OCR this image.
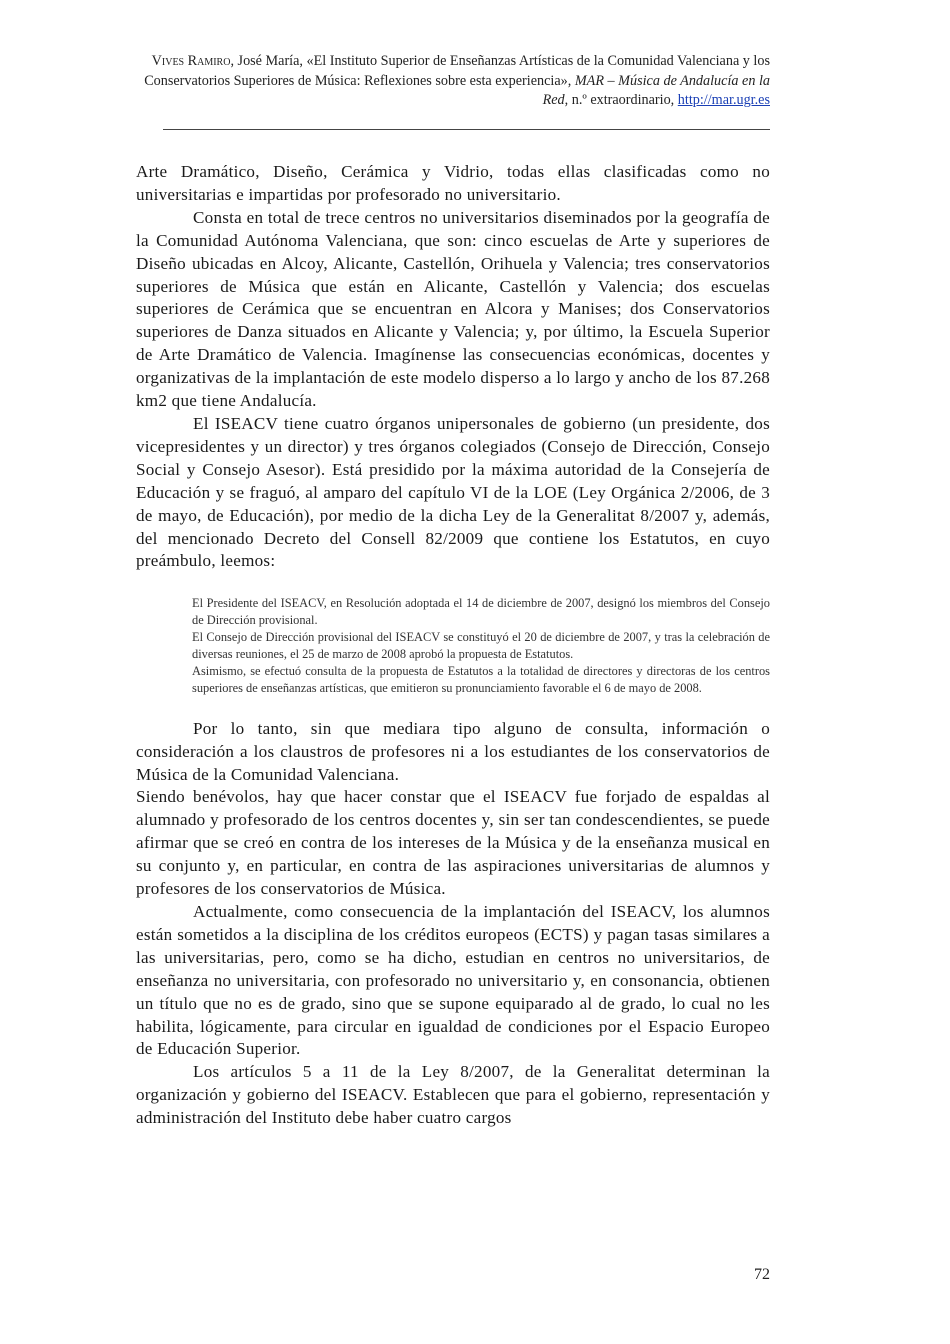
Vives Ramiro, José María, «El Instituto Superior de Enseñanzas Artísticas de la Comunidad Valenciana y los Conservatorios Superiores de Música: Reflexiones sobre esta experiencia», MAR – Música de Andalucía en la Red, n.º extraordinario, http://mar.ugr.es

Arte Dramático, Diseño, Cerámica y Vidrio, todas ellas clasificadas como no universitarias e impartidas por profesorado no universitario.

Consta en total de trece centros no universitarios diseminados por la geografía de la Comunidad Autónoma Valenciana, que son: cinco escuelas de Arte y superiores de Diseño ubicadas en Alcoy, Alicante, Castellón, Orihuela y Valencia; tres conservatorios superiores de Música que están en Alicante, Castellón y Valencia; dos escuelas superiores de Cerámica que se encuentran en Alcora y Manises; dos Conservatorios superiores de Danza situados en Alicante y Valencia; y, por último, la Escuela Superior de Arte Dramático de Valencia. Imagínense las consecuencias económicas, docentes y organizativas de la implantación de este modelo disperso a lo largo y ancho de los 87.268 km2 que tiene Andalucía.

El ISEACV tiene cuatro órganos unipersonales de gobierno (un presidente, dos vicepresidentes y un director) y tres órganos colegiados (Consejo de Dirección, Consejo Social y Consejo Asesor). Está presidido por la máxima autoridad de la Consejería de Educación y se fraguó, al amparo del capítulo VI de la LOE (Ley Orgánica 2/2006, de 3 de mayo, de Educación), por medio de la dicha Ley de la Generalitat 8/2007 y, además, del mencionado Decreto del Consell 82/2009 que contiene los Estatutos, en cuyo preámbulo, leemos:

El Presidente del ISEACV, en Resolución adoptada el 14 de diciembre de 2007, designó los miembros del Consejo de Dirección provisional.

El Consejo de Dirección provisional del ISEACV se constituyó el 20 de diciembre de 2007, y tras la celebración de diversas reuniones, el 25 de marzo de 2008 aprobó la propuesta de Estatutos.

Asimismo, se efectuó consulta de la propuesta de Estatutos a la totalidad de directores y directoras de los centros superiores de enseñanzas artísticas, que emitieron su pronunciamiento favorable el 6 de mayo de 2008.

Por lo tanto, sin que mediara tipo alguno de consulta, información o consideración a los claustros de profesores ni a los estudiantes de los conservatorios de Música de la Comunidad Valenciana.

Siendo benévolos, hay que hacer constar que el ISEACV fue forjado de espaldas al alumnado y profesorado de los centros docentes y, sin ser tan condescendientes, se puede afirmar que se creó en contra de los intereses de la Música y de la enseñanza musical en su conjunto y, en particular, en contra de las aspiraciones universitarias de alumnos y profesores de los conservatorios de Música.

Actualmente, como consecuencia de la implantación del ISEACV, los alumnos están sometidos a la disciplina de los créditos europeos (ECTS) y pagan tasas similares a las universitarias, pero, como se ha dicho, estudian en centros no universitarios, de enseñanza no universitaria, con profesorado no universitario y, en consonancia, obtienen un título que no es de grado, sino que se supone equiparado al de grado, lo cual no les habilita, lógicamente, para circular en igualdad de condiciones por el Espacio Europeo de Educación Superior.

Los artículos 5 a 11 de la Ley 8/2007, de la Generalitat determinan la organización y gobierno del ISEACV. Establecen que para el gobierno, representación y administración del Instituto debe haber cuatro cargos

72
